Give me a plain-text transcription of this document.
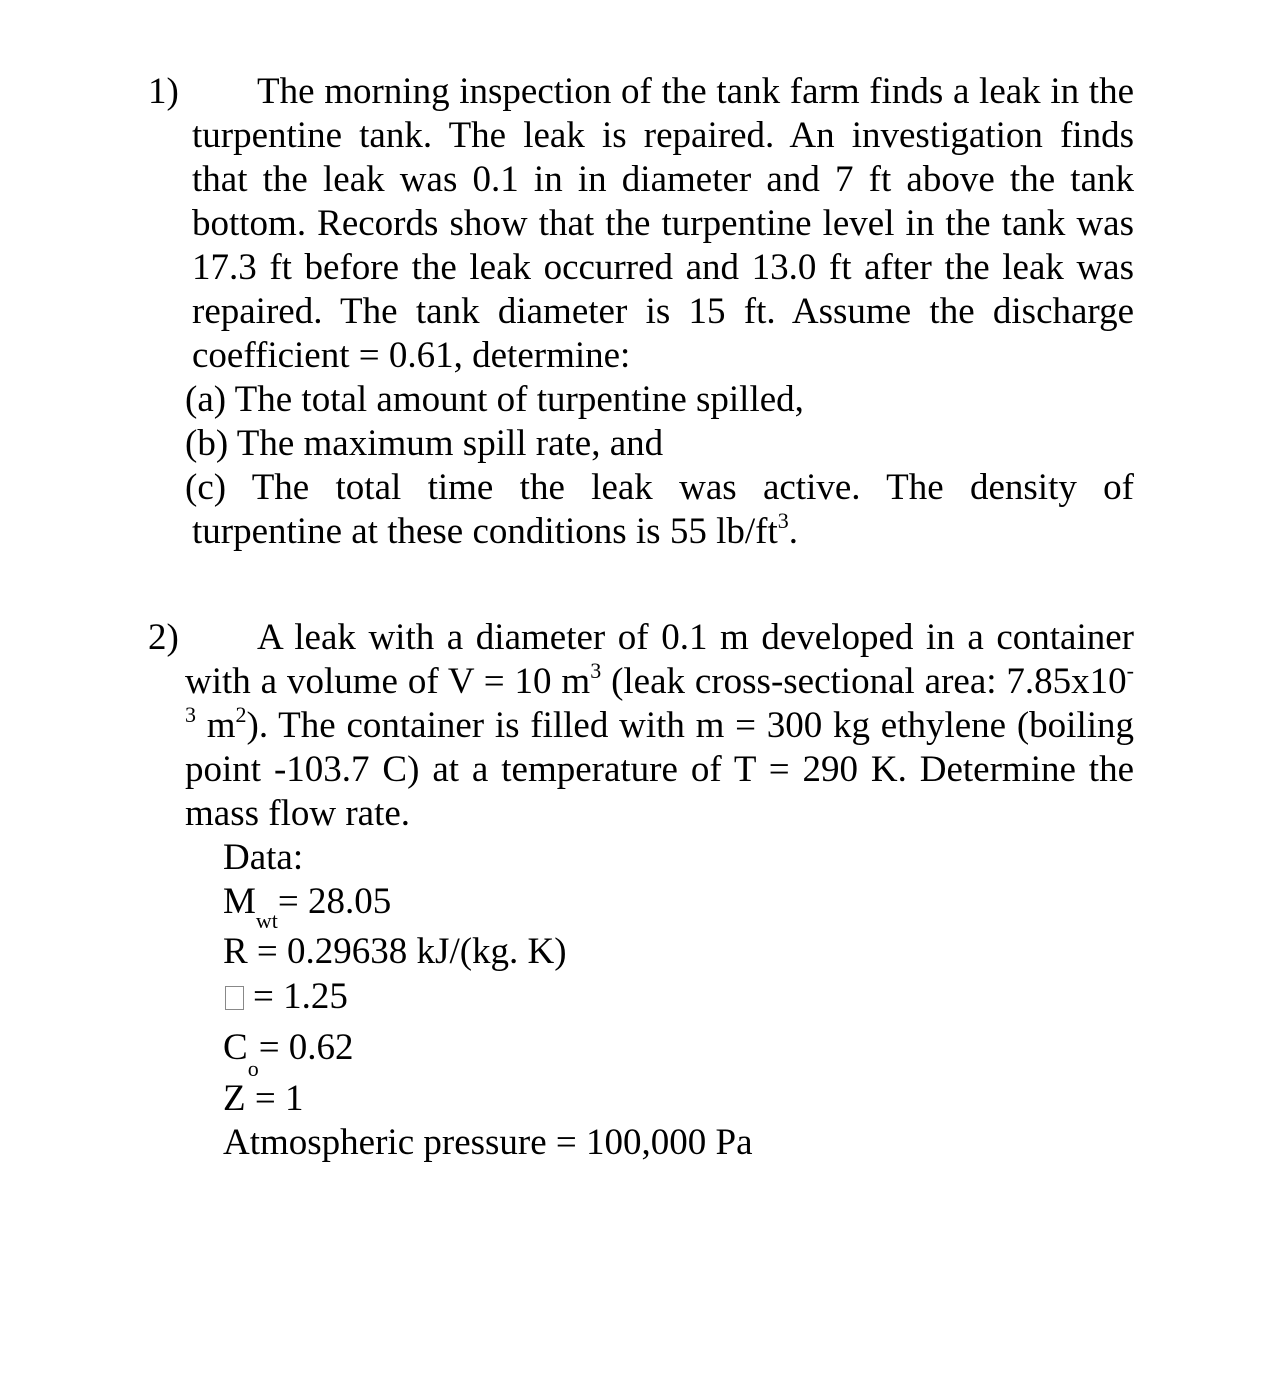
1)	The morning inspection of the tank farm finds a leak in the turpentine tank. The leak is repaired. An investigation finds that the leak was 0.1 in in diameter and 7 ft above the tank bottom. Records show that the turpentine level in the tank was 17.3 ft before the leak occurred and 13.0 ft after the leak was repaired. The tank diameter is 15 ft. Assume the discharge coefficient = 0.61, determine:
(a) The total amount of turpentine spilled,
(b) The maximum spill rate, and
(c) The total time the leak was active. The density of
turpentine at these conditions is 55 $lb/ft^3$.
2)	A leak with a diameter of 0.1 m developed in a container with a volume of V = 10 $m^3$ (leak cross-sectional area: $7.85x10^{-3}$ $m^2$). The container is filled with m = 300 kg ethylene (boiling point -103.7 C) at a temperature of T = 290 K. Determine the mass flow rate.
Data:
$M_{wt}= 28.05$
R = 0.29638 kJ/(kg. K)
= 1.25
$C_o= 0.62$
Z = 1
Atmospheric pressure = 100,000 Pa
